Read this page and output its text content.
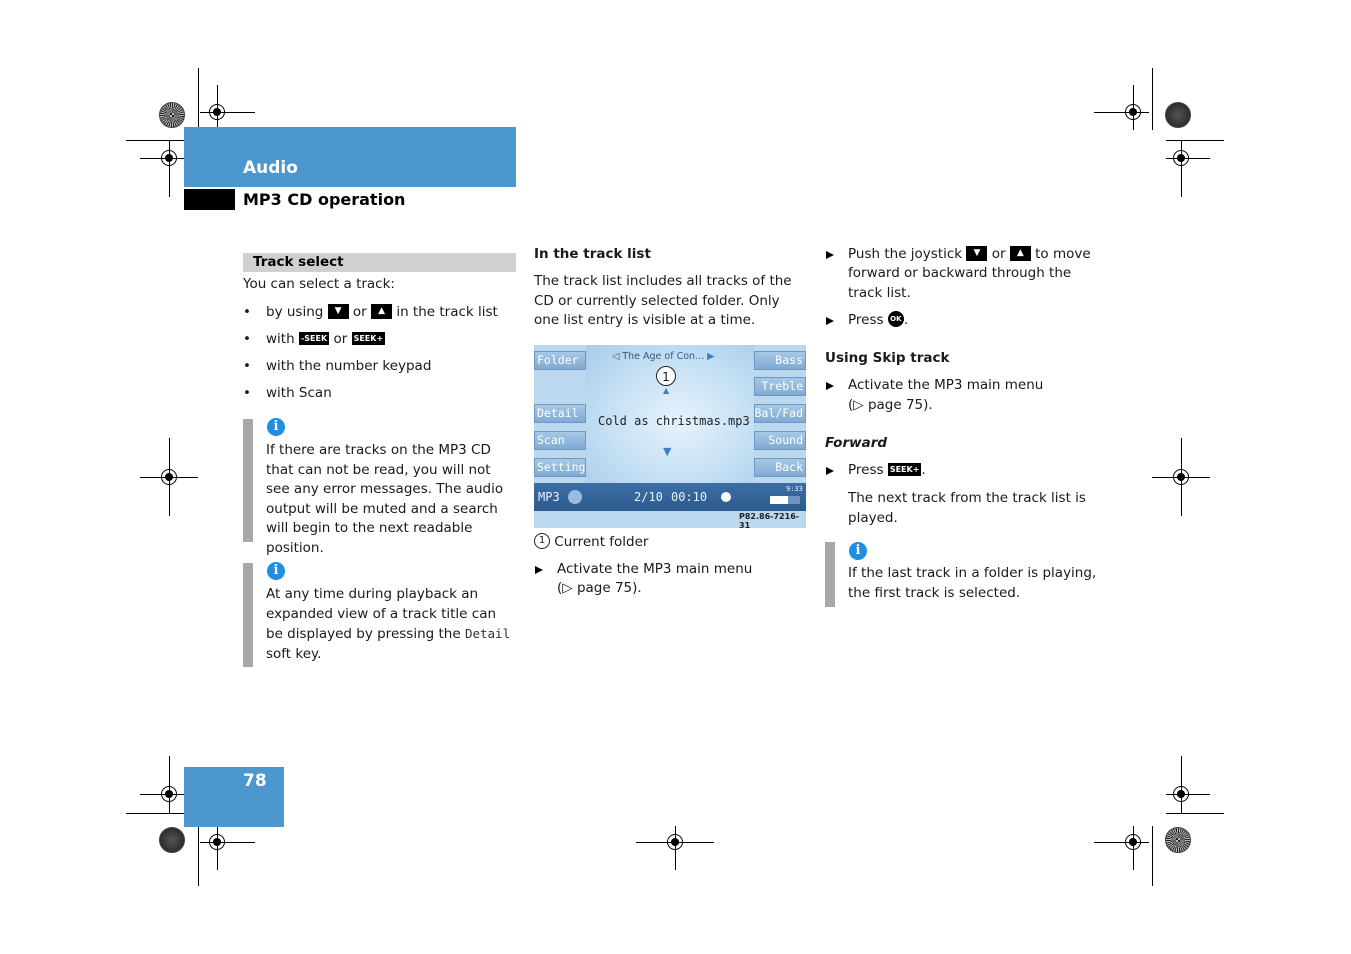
Audio
MP3 CD operation
Track select
You can select a track:
• by using ▼ or ▲ in the track list
• with -SEEK or SEEK+
• with the number keypad
• with Scan
i
If there are tracks on the MP3 CD that can not be read, you will not see any error messages. The audio output will be muted and a search will begin to the next readable position.
i
At any time during playback an expanded view of a track title can be displayed by pressing the Detail soft key.
In the track list
The track list includes all tracks of the CD or currently selected folder. Only one list entry is visible at a time.
Folder
Detail
Scan
Setting
Bass
Treble
Bal/Fad
Sound
Back
◁ The Age of Con... ▶
1
▲
Cold as christmas.mp3
▼
MP3	2/10 00:10
9:33
P82.86-7216-31
1 Current folder
Activate the MP3 main menu
(▷ page 75).
Push the joystick ▼ or ▲ to move
forward or backward through the track list.
Press OK .
Using Skip track
Activate the MP3 main menu
(▷ page 75).
Forward
Press SEEK+ .
The next track from the track list is played.
i
If the last track in a folder is playing, the first track is selected.
78
